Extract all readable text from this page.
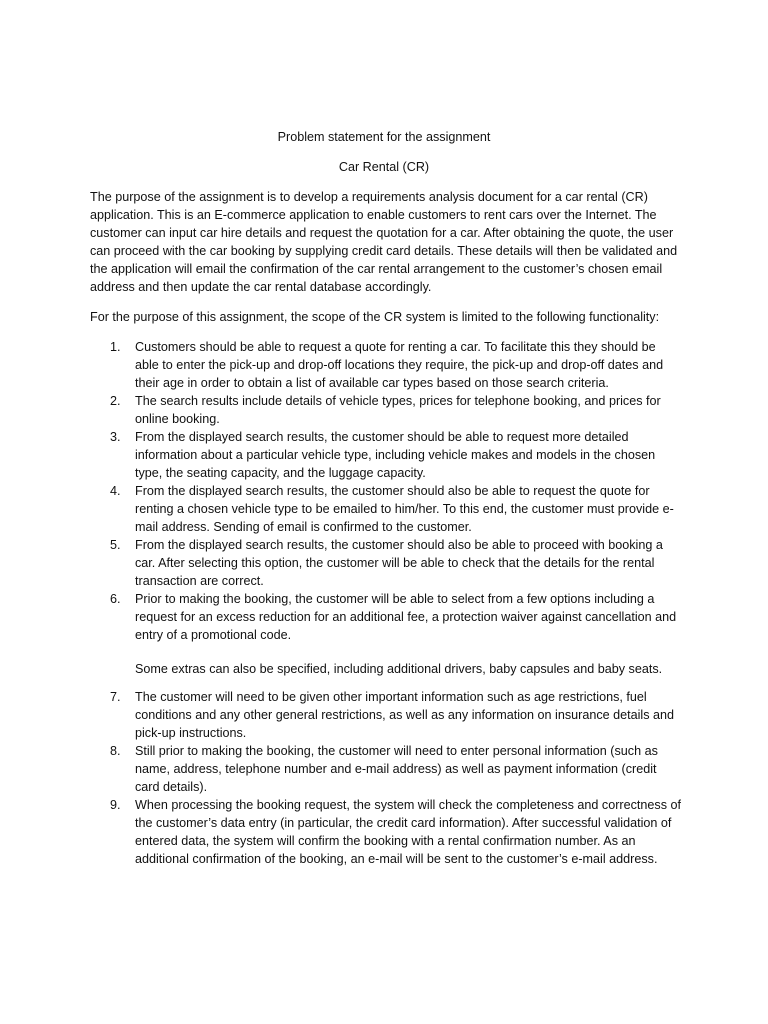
Problem statement for the assignment
Car Rental (CR)

The purpose of the assignment is to develop a requirements analysis document for a car rental (CR) application. This is an E-commerce application to enable customers to rent cars over the Internet. The customer can input car hire details and request the quotation for a car. After obtaining the quote, the user can proceed with the car booking by supplying credit card details. These details will then be validated and the application will email the confirmation of the car rental arrangement to the customer’s chosen email address and then update the car rental database accordingly.

For the purpose of this assignment, the scope of the CR system is limited to the following functionality:

1. Customers should be able to request a quote for renting a car. To facilitate this they should be able to enter the pick-up and drop-off locations they require, the pick-up and drop-off dates and their age in order to obtain a list of available car types based on those search criteria.
2. The search results include details of vehicle types, prices for telephone booking, and prices for online booking.
3. From the displayed search results, the customer should be able to request more detailed information about a particular vehicle type, including vehicle makes and models in the chosen type, the seating capacity, and the luggage capacity.
4. From the displayed search results, the customer should also be able to request the quote for renting a chosen vehicle type to be emailed to him/her. To this end, the customer must provide e-mail address. Sending of email is confirmed to the customer.
5. From the displayed search results, the customer should also be able to proceed with booking a car. After selecting this option, the customer will be able to check that the details for the rental transaction are correct.
6. Prior to making the booking, the customer will be able to select from a few options including a request for an excess reduction for an additional fee, a protection waiver against cancellation and entry of a promotional code.

Some extras can also be specified, including additional drivers, baby capsules and baby seats.

7. The customer will need to be given other important information such as age restrictions, fuel conditions and any other general restrictions, as well as any information on insurance details and pick-up instructions.
8. Still prior to making the booking, the customer will need to enter personal information (such as name, address, telephone number and e-mail address) as well as payment information (credit card details).
9. When processing the booking request, the system will check the completeness and correctness of the customer’s data entry (in particular, the credit card information). After successful validation of entered data, the system will confirm the booking with a rental confirmation number. As an additional confirmation of the booking, an e-mail will be sent to the customer’s e-mail address.
